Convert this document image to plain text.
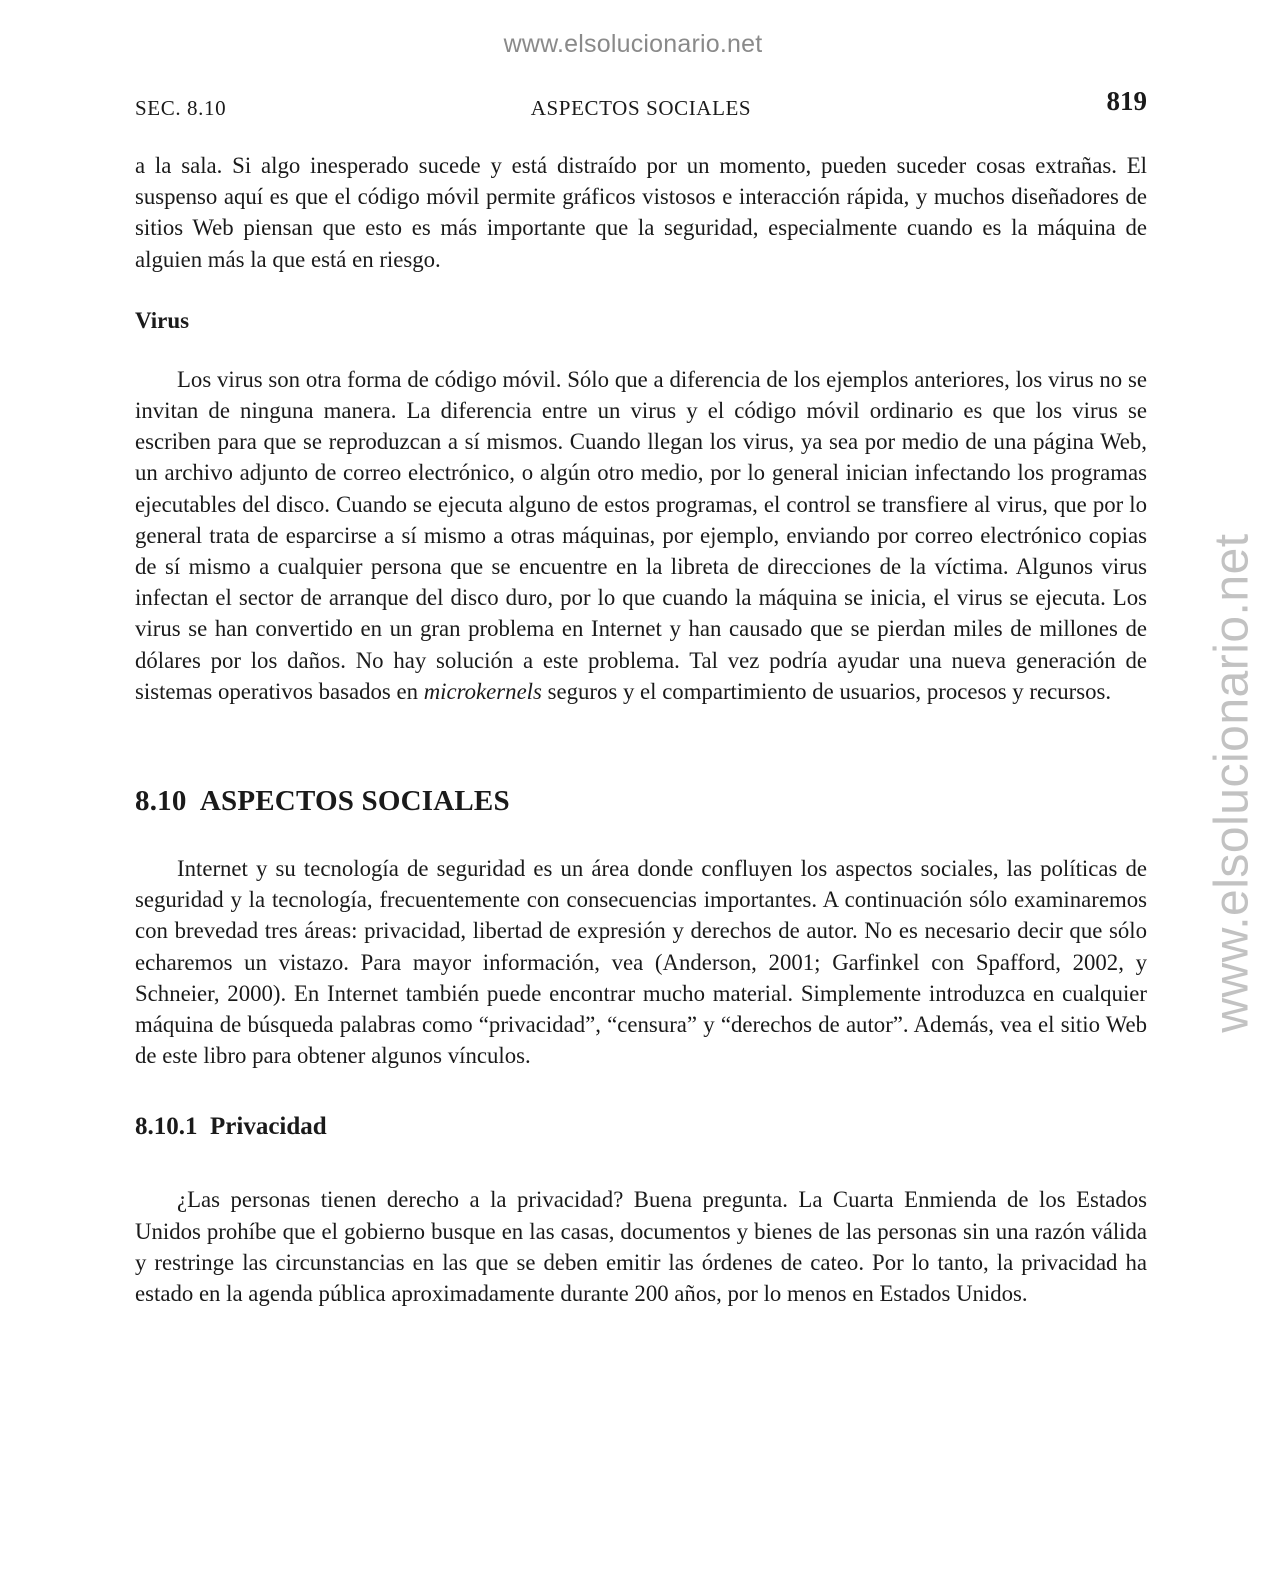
www.elsolucionario.net
www.elsolucionario.net
SEC. 8.10	ASPECTOS SOCIALES	819

a la sala. Si algo inesperado sucede y está distraído por un momento, pueden suceder cosas extrañas. El suspenso aquí es que el código móvil permite gráficos vistosos e interacción rápida, y muchos diseñadores de sitios Web piensan que esto es más importante que la seguridad, especialmente cuando es la máquina de alguien más la que está en riesgo.

Virus

Los virus son otra forma de código móvil. Sólo que a diferencia de los ejemplos anteriores, los virus no se invitan de ninguna manera. La diferencia entre un virus y el código móvil ordinario es que los virus se escriben para que se reproduzcan a sí mismos. Cuando llegan los virus, ya sea por medio de una página Web, un archivo adjunto de correo electrónico, o algún otro medio, por lo general inician infectando los programas ejecutables del disco. Cuando se ejecuta alguno de estos programas, el control se transfiere al virus, que por lo general trata de esparcirse a sí mismo a otras máquinas, por ejemplo, enviando por correo electrónico copias de sí mismo a cualquier persona que se encuentre en la libreta de direcciones de la víctima. Algunos virus infectan el sector de arranque del disco duro, por lo que cuando la máquina se inicia, el virus se ejecuta. Los virus se han convertido en un gran problema en Internet y han causado que se pierdan miles de millones de dólares por los daños. No hay solución a este problema. Tal vez podría ayudar una nueva generación de sistemas operativos basados en microkernels seguros y el compartimiento de usuarios, procesos y recursos.

8.10 ASPECTOS SOCIALES

Internet y su tecnología de seguridad es un área donde confluyen los aspectos sociales, las políticas de seguridad y la tecnología, frecuentemente con consecuencias importantes. A continuación sólo examinaremos con brevedad tres áreas: privacidad, libertad de expresión y derechos de autor. No es necesario decir que sólo echaremos un vistazo. Para mayor información, vea (Anderson, 2001; Garfinkel con Spafford, 2002, y Schneier, 2000). En Internet también puede encontrar mucho material. Simplemente introduzca en cualquier máquina de búsqueda palabras como “privacidad”, “censura” y “derechos de autor”. Además, vea el sitio Web de este libro para obtener algunos vínculos.

8.10.1 Privacidad

¿Las personas tienen derecho a la privacidad? Buena pregunta. La Cuarta Enmienda de los Estados Unidos prohíbe que el gobierno busque en las casas, documentos y bienes de las personas sin una razón válida y restringe las circunstancias en las que se deben emitir las órdenes de cateo. Por lo tanto, la privacidad ha estado en la agenda pública aproximadamente durante 200 años, por lo menos en Estados Unidos.
